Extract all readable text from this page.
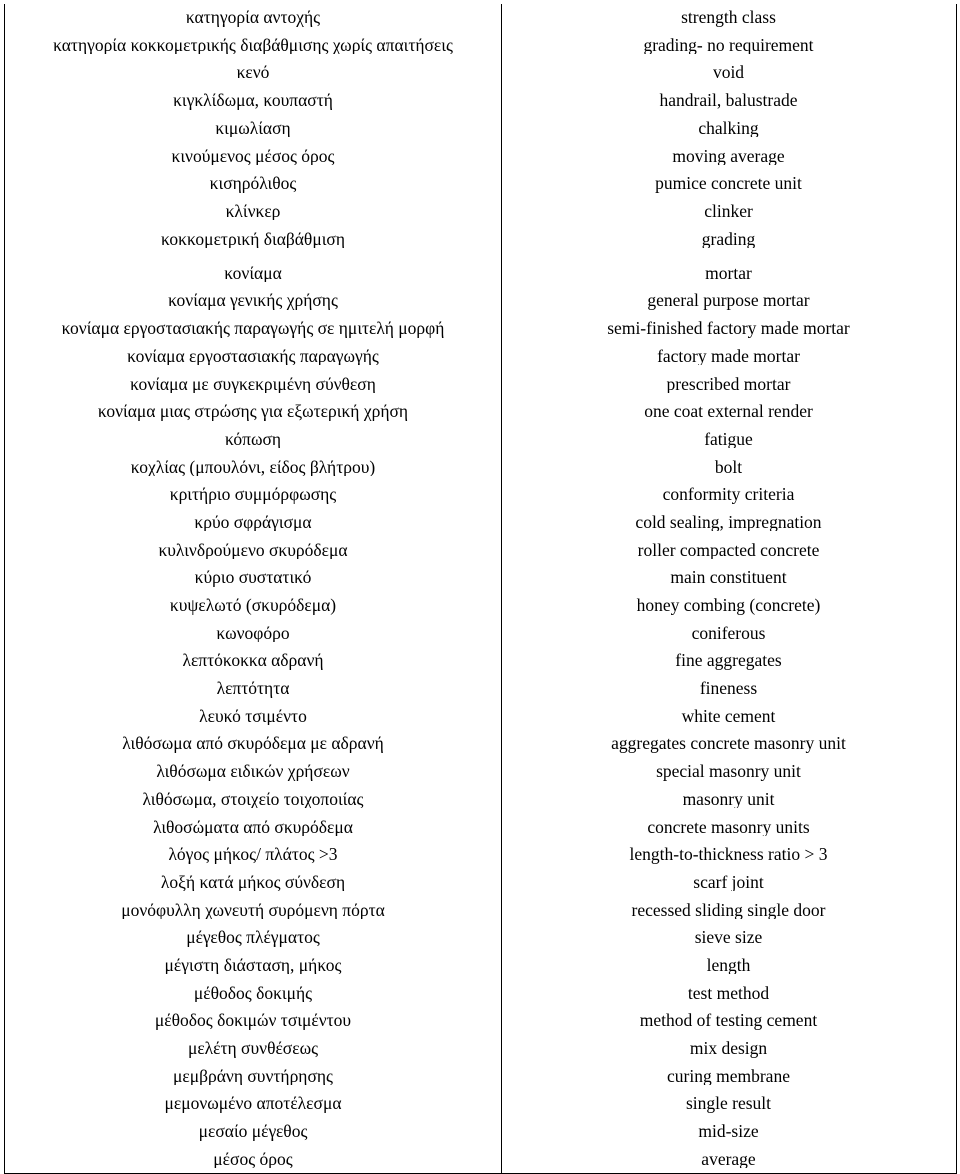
κατηγορία αντοχής	strength class
κατηγορία κοκκομετρικής διαβάθμισης χωρίς απαιτήσεις	grading- no requirement
κενό	void
κιγκλίδωμα, κουπαστή	handrail, balustrade
κιμωλίαση	chalking
κινούμενος μέσος όρος	moving average
κισηρόλιθος	pumice concrete unit
κλίνκερ	clinker
κοκκομετρική διαβάθμιση	grading
κονίαμα	mortar
κονίαμα γενικής χρήσης	general purpose mortar
κονίαμα εργοστασιακής παραγωγής σε ημιτελή μορφή	semi-finished factory made mortar
κονίαμα εργοστασιακής παραγωγής	factory made mortar
κονίαμα με συγκεκριμένη σύνθεση	prescribed mortar
κονίαμα μιας στρώσης για εξωτερική χρήση	one coat external render
κόπωση	fatigue
κοχλίας (μπουλόνι, είδος βλήτρου)	bolt
κριτήριο συμμόρφωσης	conformity criteria
κρύο σφράγισμα	cold sealing, impregnation
κυλινδρούμενο σκυρόδεμα	roller compacted concrete
κύριο συστατικό	main constituent
κυψελωτό (σκυρόδεμα)	honey combing (concrete)
κωνοφόρο	coniferous
λεπτόκοκκα αδρανή	fine aggregates
λεπτότητα	fineness
λευκό τσιμέντο	white cement
λιθόσωμα από σκυρόδεμα με αδρανή	aggregates concrete masonry unit
λιθόσωμα ειδικών χρήσεων	special masonry unit
λιθόσωμα, στοιχείο τοιχοποιίας	masonry unit
λιθοσώματα από σκυρόδεμα	concrete masonry units
λόγος μήκος/ πλάτος >3	length-to-thickness ratio > 3
λοξή κατά μήκος σύνδεση	scarf joint
μονόφυλλη χωνευτή συρόμενη πόρτα	recessed sliding single door
μέγεθος πλέγματος	sieve size
μέγιστη διάσταση, μήκος	length
μέθοδος δοκιμής	test method
μέθοδος δοκιμών τσιμέντου	method of testing cement
μελέτη συνθέσεως	mix design
μεμβράνη συντήρησης	curing membrane
μεμονωμένο αποτέλεσμα	single result
μεσαίο μέγεθος	mid-size
μέσος όρος	average
